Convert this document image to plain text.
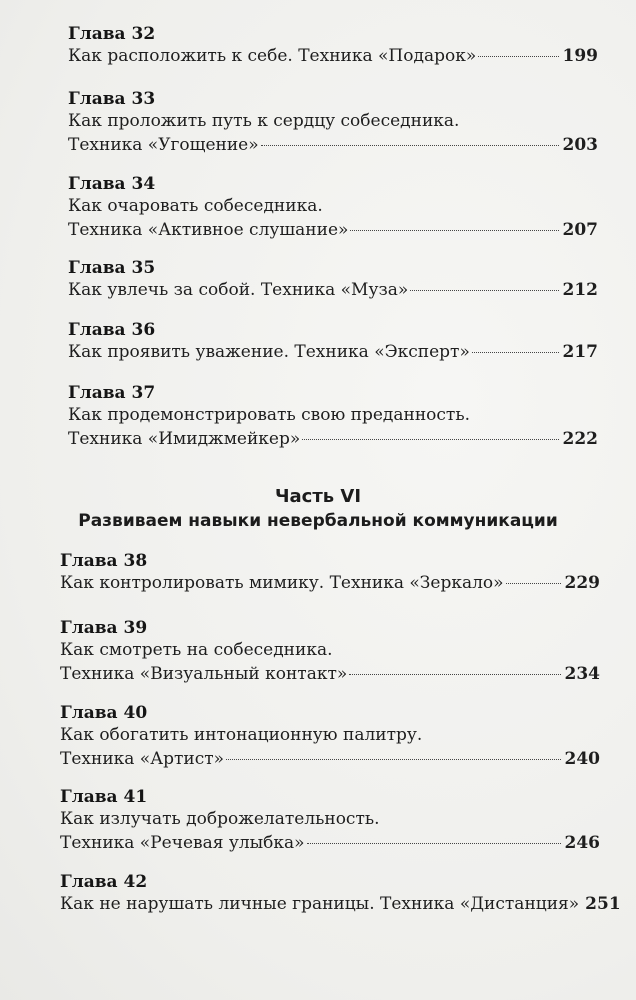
Глава 32
Как расположить к себе. Техника «Подарок»	199
Глава 33
Как проложить путь к сердцу собеседника.
Техника «Угощение»	203
Глава 34
Как очаровать собеседника.
Техника «Активное слушание»	207
Глава 35
Как увлечь за собой. Техника «Муза»	212
Глава 36
Как проявить уважение. Техника «Эксперт»	217
Глава 37
Как продемонстрировать свою преданность.
Техника «Имиджмейкер»	222
Глава 38
Как контролировать мимику. Техника «Зеркало»	229
Глава 39
Как смотреть на собеседника.
Техника «Визуальный контакт»	234
Глава 40
Как обогатить интонационную палитру.
Техника «Артист»	240
Глава 41
Как излучать доброжелательность.
Техника «Речевая улыбка»	246
Глава 42
Как не нарушать личные границы. Техника «Дистанция» 251
Часть VI
Развиваем навыки невербальной коммуникации
